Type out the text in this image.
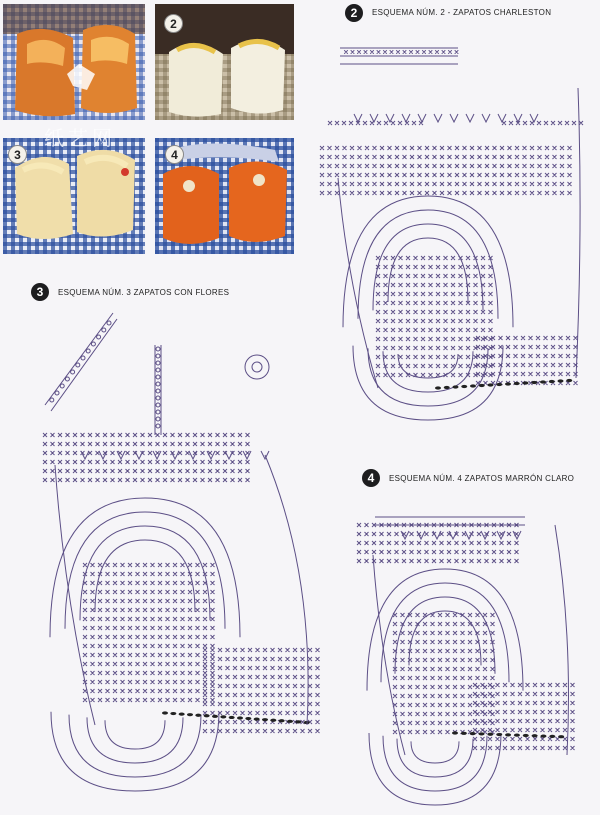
2
3	4
纸艺网
2	ESQUEMA NÚM. 2 - ZAPATOS CHARLESTON
3	ESQUEMA NÚM. 3 ZAPATOS CON FLORES
4	ESQUEMA NÚM. 4 ZAPATOS MARRÓN CLARO
